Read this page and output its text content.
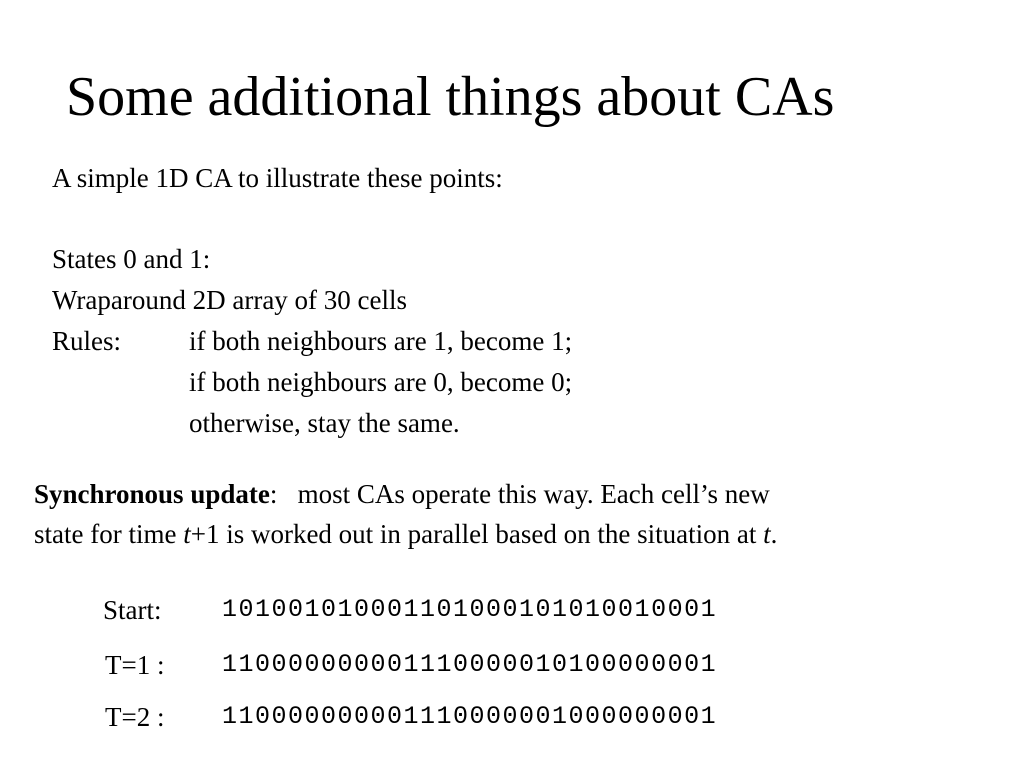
Some additional things about CAs
A simple 1D CA to illustrate these points:
States 0 and 1:
Wraparound 2D array of 30 cells
Rules:	if both neighbours are 1, become 1;
if both neighbours are 0, become 0;
otherwise, stay the same.
Synchronous update:   most CAs operate this way. Each cell’s new
state for time t+1 is worked out in parallel based on the situation at t.
Start: 101001010001101000101010010001
T=1 : 110000000001110000010100000001
T=2 : 110000000001110000001000000001
